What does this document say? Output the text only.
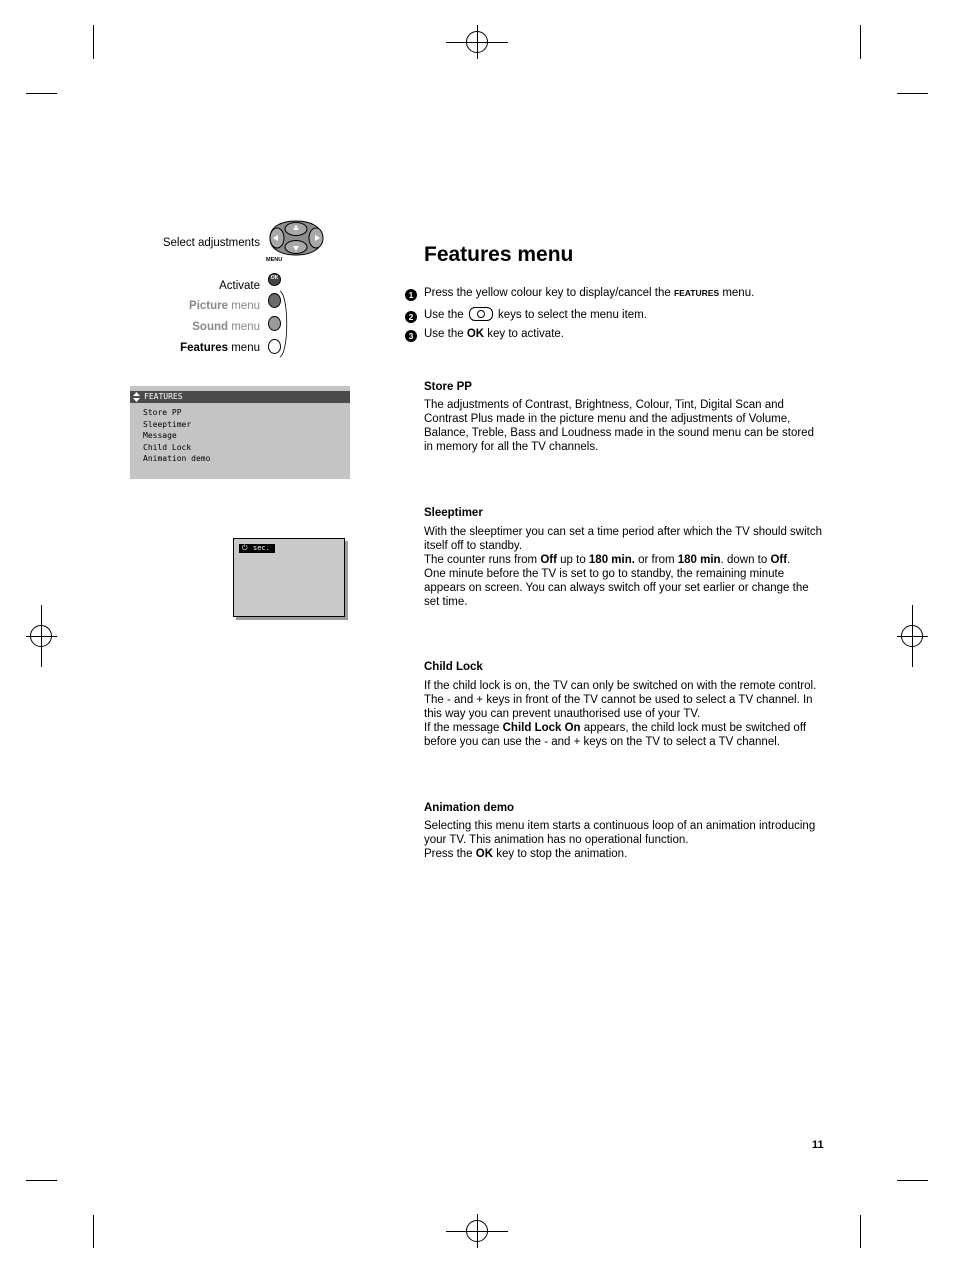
Select adjustments
MENU
OK
Activate
Picture menu
Sound menu
Features menu
FEATURES
Store PP
Sleeptimer
Message
Child Lock
Animation demo
⏻ sec.
Features menu
1 Press the yellow colour key to display/cancel the FEATURES menu.
2 Use the
keys to select the menu item.
3 Use the OK key to activate.
Store PP
The adjustments of Contrast, Brightness, Colour, Tint, Digital Scan and Contrast Plus made in the picture menu and the adjustments of Volume, Balance, Treble, Bass and Loudness made in the sound menu can be stored in memory for all the TV channels.
Sleeptimer
With the sleeptimer you can set a time period after which the TV should switch itself off to standby.
The counter runs from Off up to 180 min. or from 180 min. down to Off.
One minute before the TV is set to go to standby, the remaining minute appears on screen. You can always switch off your set earlier or change the set time.
Child Lock
If the child lock is on, the TV can only be switched on with the remote control. The - and + keys in front of the TV cannot be used to select a TV channel. In this way you can prevent unauthorised use of your TV.
If the message Child Lock On appears, the child lock must be switched off before you can use the - and + keys on the TV to select a TV channel.
Animation demo
Selecting this menu item starts a continuous loop of an animation introducing your TV. This animation has no operational function.
Press the OK key to stop the animation.
11
